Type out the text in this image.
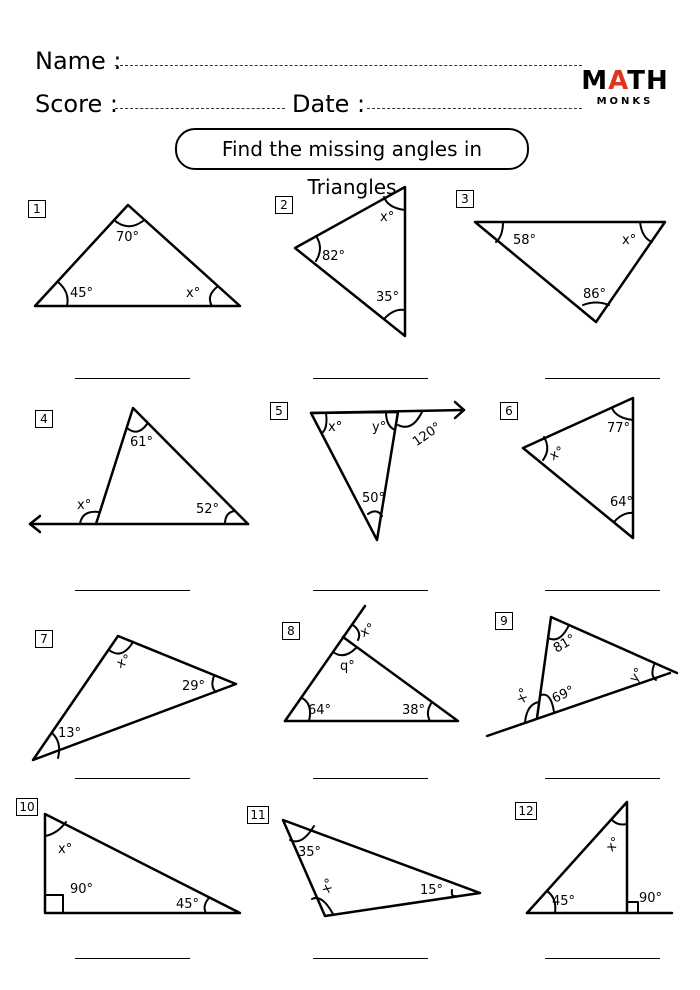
Name :
Score :	Date :
MATH
MONKS
Find the missing angles in Triangles
1	2	3
4
5	6
7
8
9
10
11	12
70°
45°	x°
x°
82°
35°
58°	x°
86°
61°
x°	52°
x° y° 120°
50°
77°
x°
64°
x°
29°
13°
x°
q°
64°	38°
81°
y°
x° 69°
x°
90°
45°
35°
x°	15°
x°
45°	90°
